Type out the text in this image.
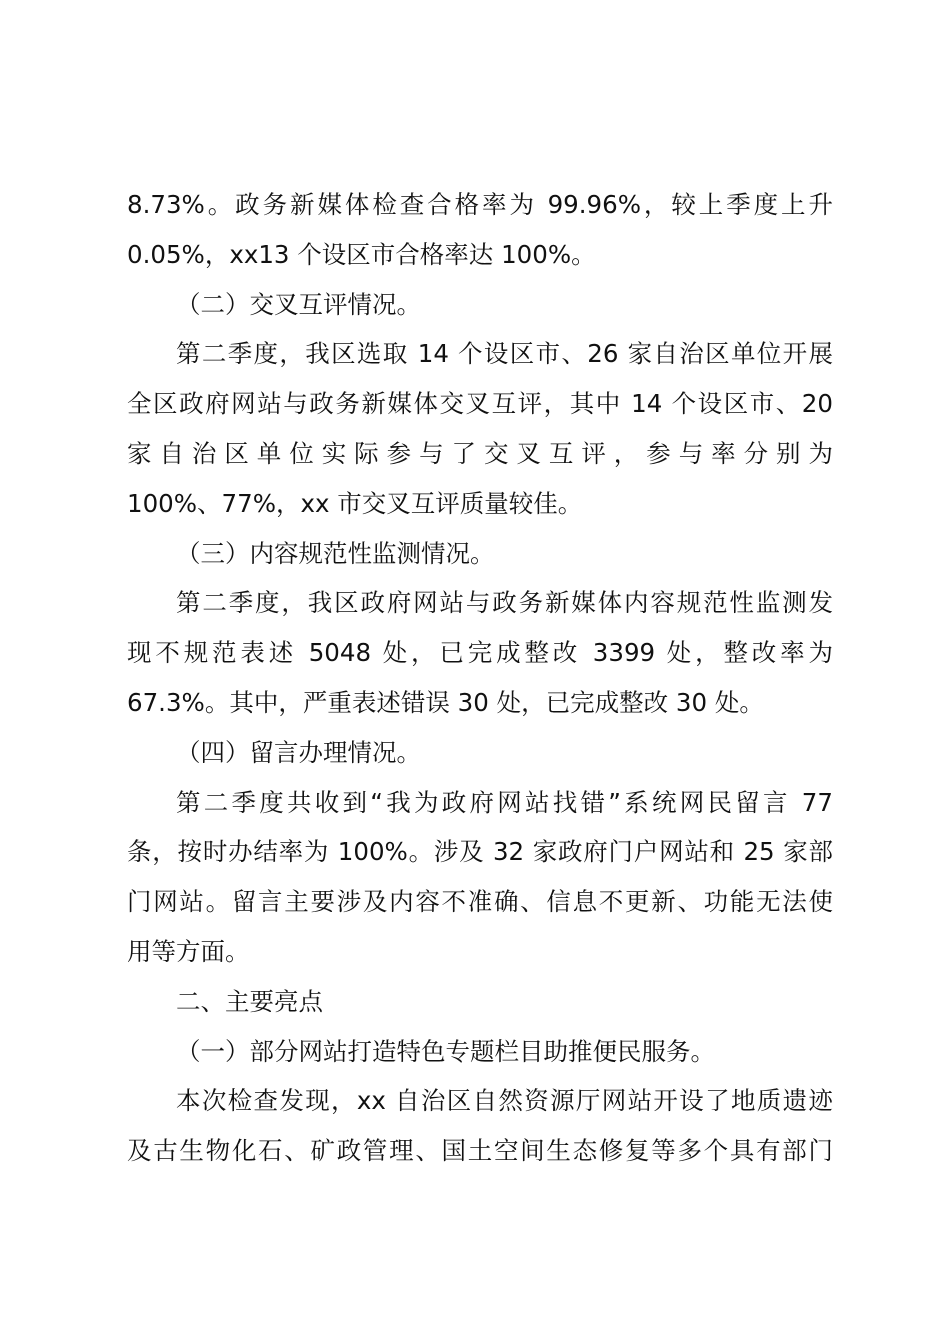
8.73%。政务新媒体检查合格率为 99.96%，较上季度上升
0.05%，xx13 个设区市合格率达 100%。
（二）交叉互评情况。
第二季度，我区选取 14 个设区市、26 家自治区单位开展
全区政府网站与政务新媒体交叉互评，其中 14 个设区市、20
家自治区单位实际参与了交叉互评，参与率分别为
100%、77%，xx 市交叉互评质量较佳。
（三）内容规范性监测情况。
第二季度，我区政府网站与政务新媒体内容规范性监测发
现不规范表述 5048 处，已完成整改 3399 处，整改率为
67.3%。其中，严重表述错误 30 处，已完成整改 30 处。
（四）留言办理情况。
第二季度共收到“我为政府网站找错”系统网民留言 77
条，按时办结率为 100%。涉及 32 家政府门户网站和 25 家部
门网站。留言主要涉及内容不准确、信息不更新、功能无法使
用等方面。
二、主要亮点
（一）部分网站打造特色专题栏目助推便民服务。
本次检查发现，xx 自治区自然资源厅网站开设了地质遗迹
及古生物化石、矿政管理、国土空间生态修复等多个具有部门
